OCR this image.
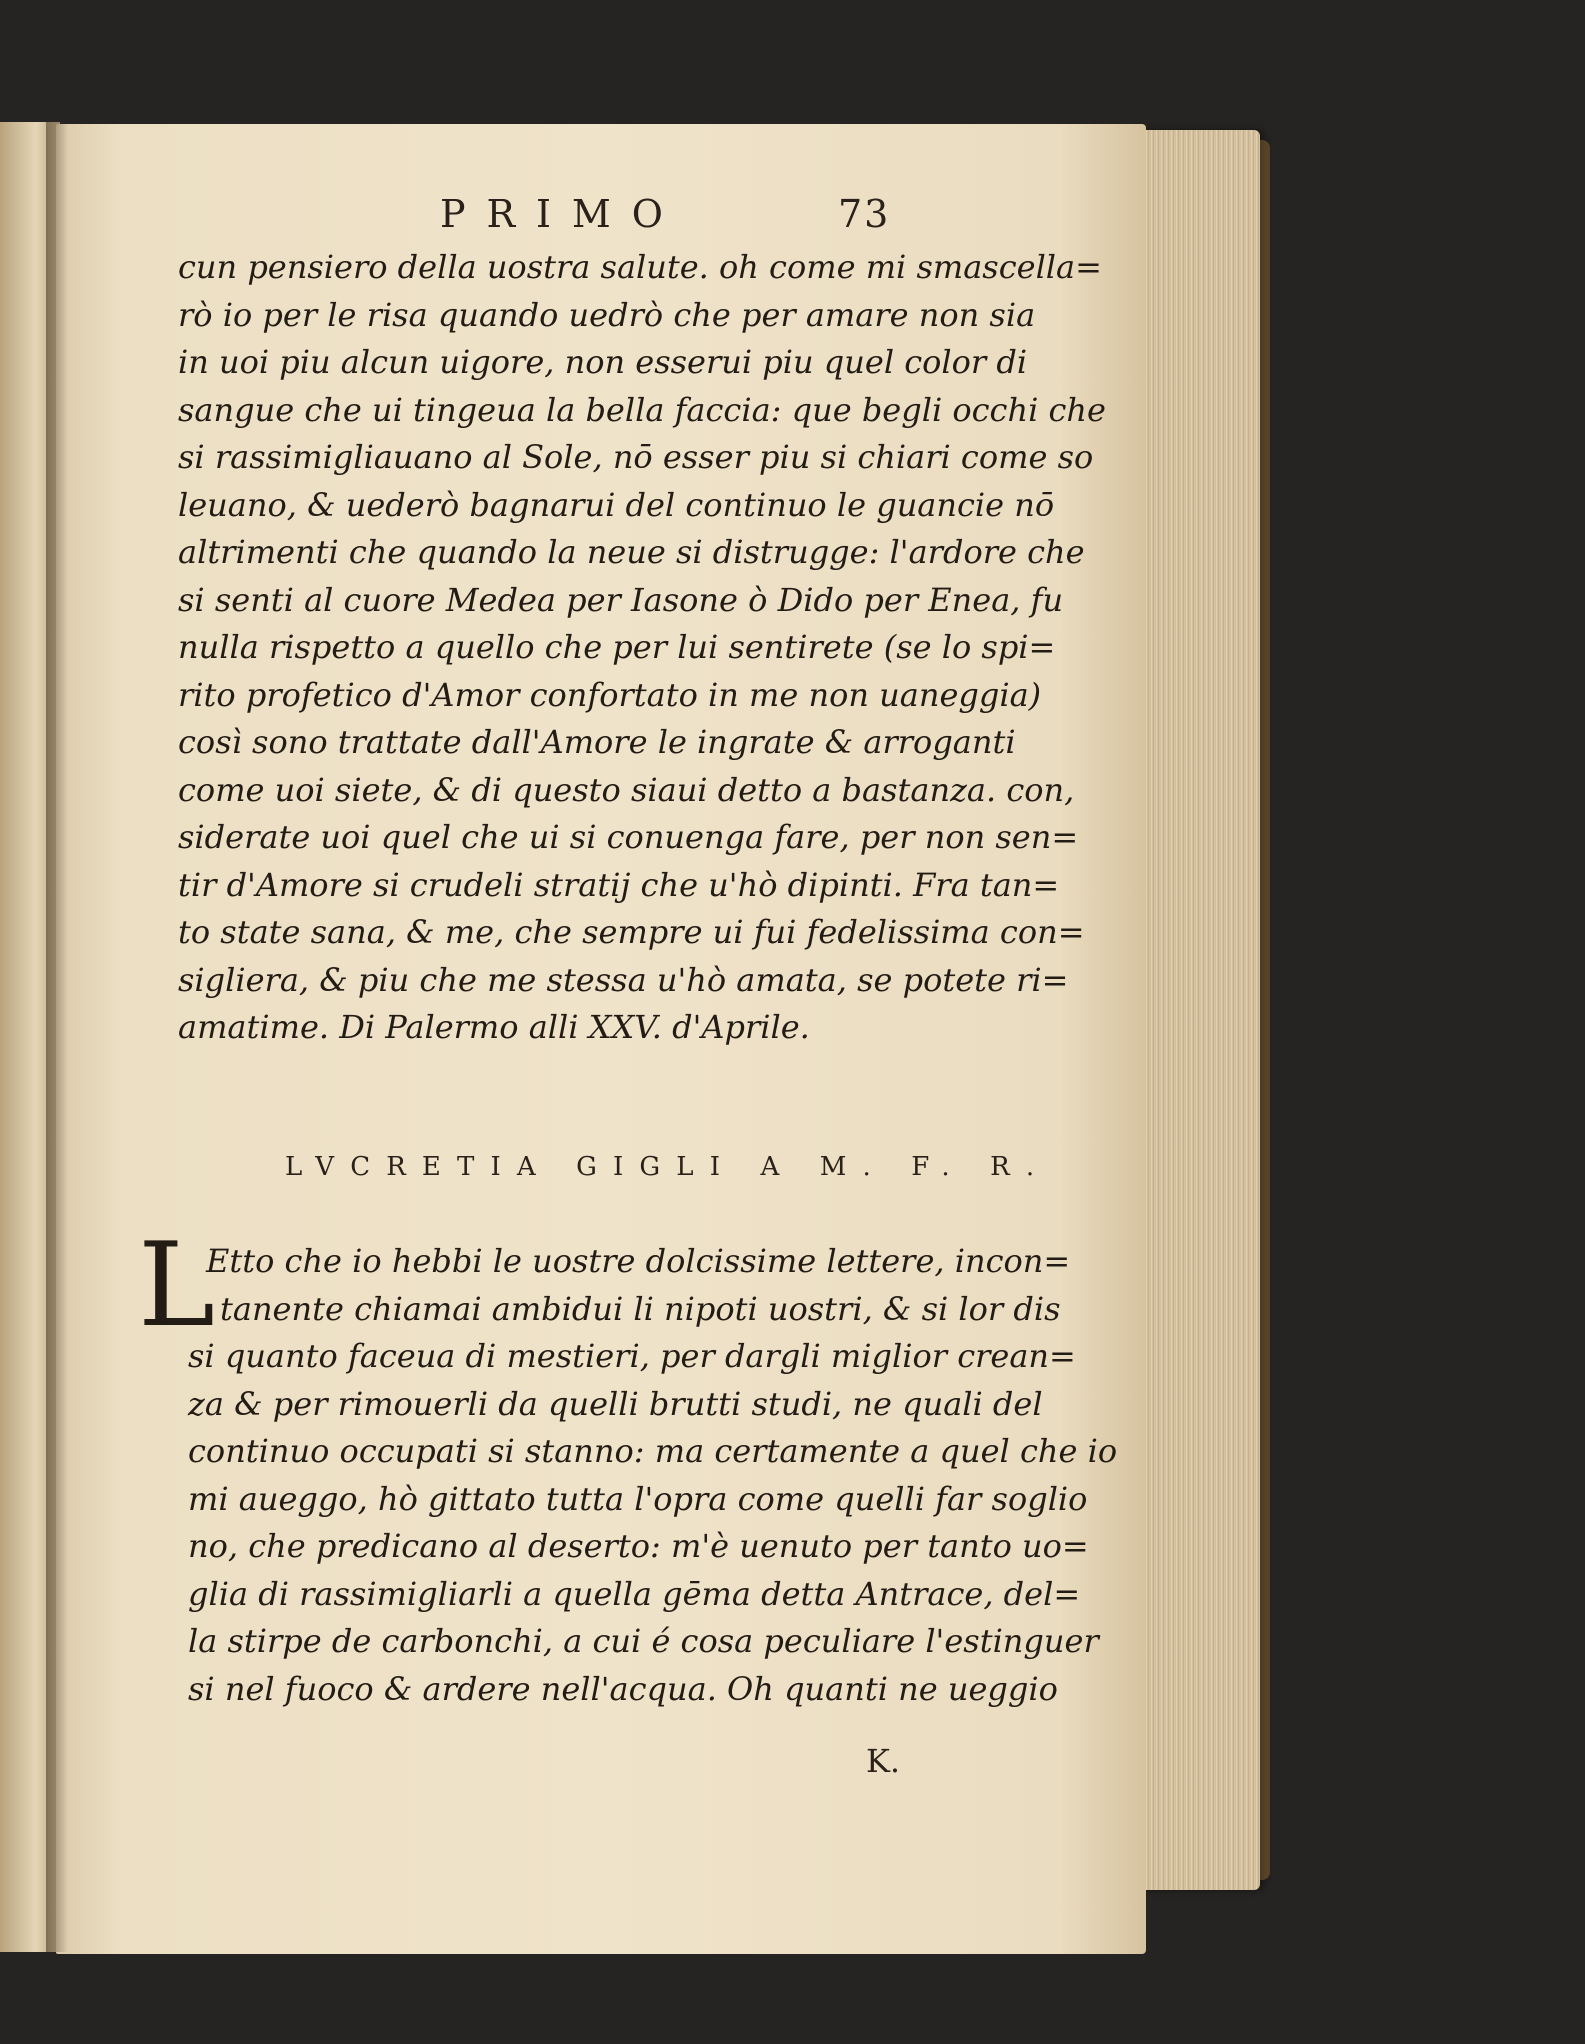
PRIMO	73
cun pensiero della uostra salute. oh come mi smascella=
rò io per le risa quando uedrò che per amare non sia
in uoi piu alcun uigore, non esserui piu quel color di
sangue che ui tingeua la bella faccia: que begli occhi che
si rassimigliauano al Sole, nō esser piu si chiari come so
leuano, & uederò bagnarui del continuo le guancie nō
altrimenti che quando la neue si distrugge: l'ardore che
si senti al cuore Medea per Iasone ò Dido per Enea, fu
nulla rispetto a quello che per lui sentirete (se lo spi=
rito profetico d'Amor confortato in me non uaneggia)
così sono trattate dall'Amore le ingrate & arroganti
come uoi siete, & di questo siaui detto a bastanza. con,
siderate uoi quel che ui si conuenga fare, per non sen=
tir d'Amore si crudeli stratij che u'hò dipinti. Fra tan=
to state sana, & me, che sempre ui fui fedelissima con=
sigliera, & piu che me stessa u'hò amata, se potete ri=
amatime. Di Palermo alli XXV. d'Aprile.
LVCRETIA GIGLI A M. F. R.
L
Etto che io hebbi le uostre dolcissime lettere, incon=
tanente chiamai ambidui li nipoti uostri, & si lor dis
si quanto faceua di mestieri, per dargli miglior crean=
za & per rimouerli da quelli brutti studi, ne quali del
continuo occupati si stanno: ma certamente a quel che io
mi aueggo, hò gittato tutta l'opra come quelli far soglio
no, che predicano al deserto: m'è uenuto per tanto uo=
glia di rassimigliarli a quella gēma detta Antrace, del=
la stirpe de carbonchi, a cui é cosa peculiare l'estinguer
si nel fuoco & ardere nell'acqua. Oh quanti ne ueggio
K.
